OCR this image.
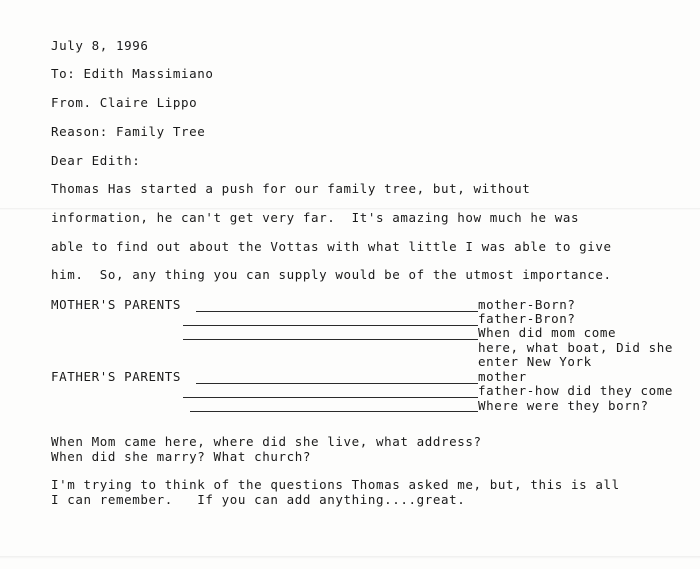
July 8, 1996
To: Edith Massimiano
From. Claire Lippo
Reason: Family Tree
Dear Edith:
Thomas Has started a push for our family tree, but, without
information, he can't get very far.  It's amazing how much he was
able to find out about the Vottas with what little I was able to give
him.  So, any thing you can supply would be of the utmost importance.
MOTHER'S PARENTS	mother-Born?
father-Bron?
When did mom come
here, what boat, Did she
enter New York
FATHER'S PARENTS	mother
father-how did they come
Where were they born?
When Mom came here, where did she live, what address?
When did she marry? What church?
I'm trying to think of the questions Thomas asked me, but, this is all
I can remember.   If you can add anything....great.
